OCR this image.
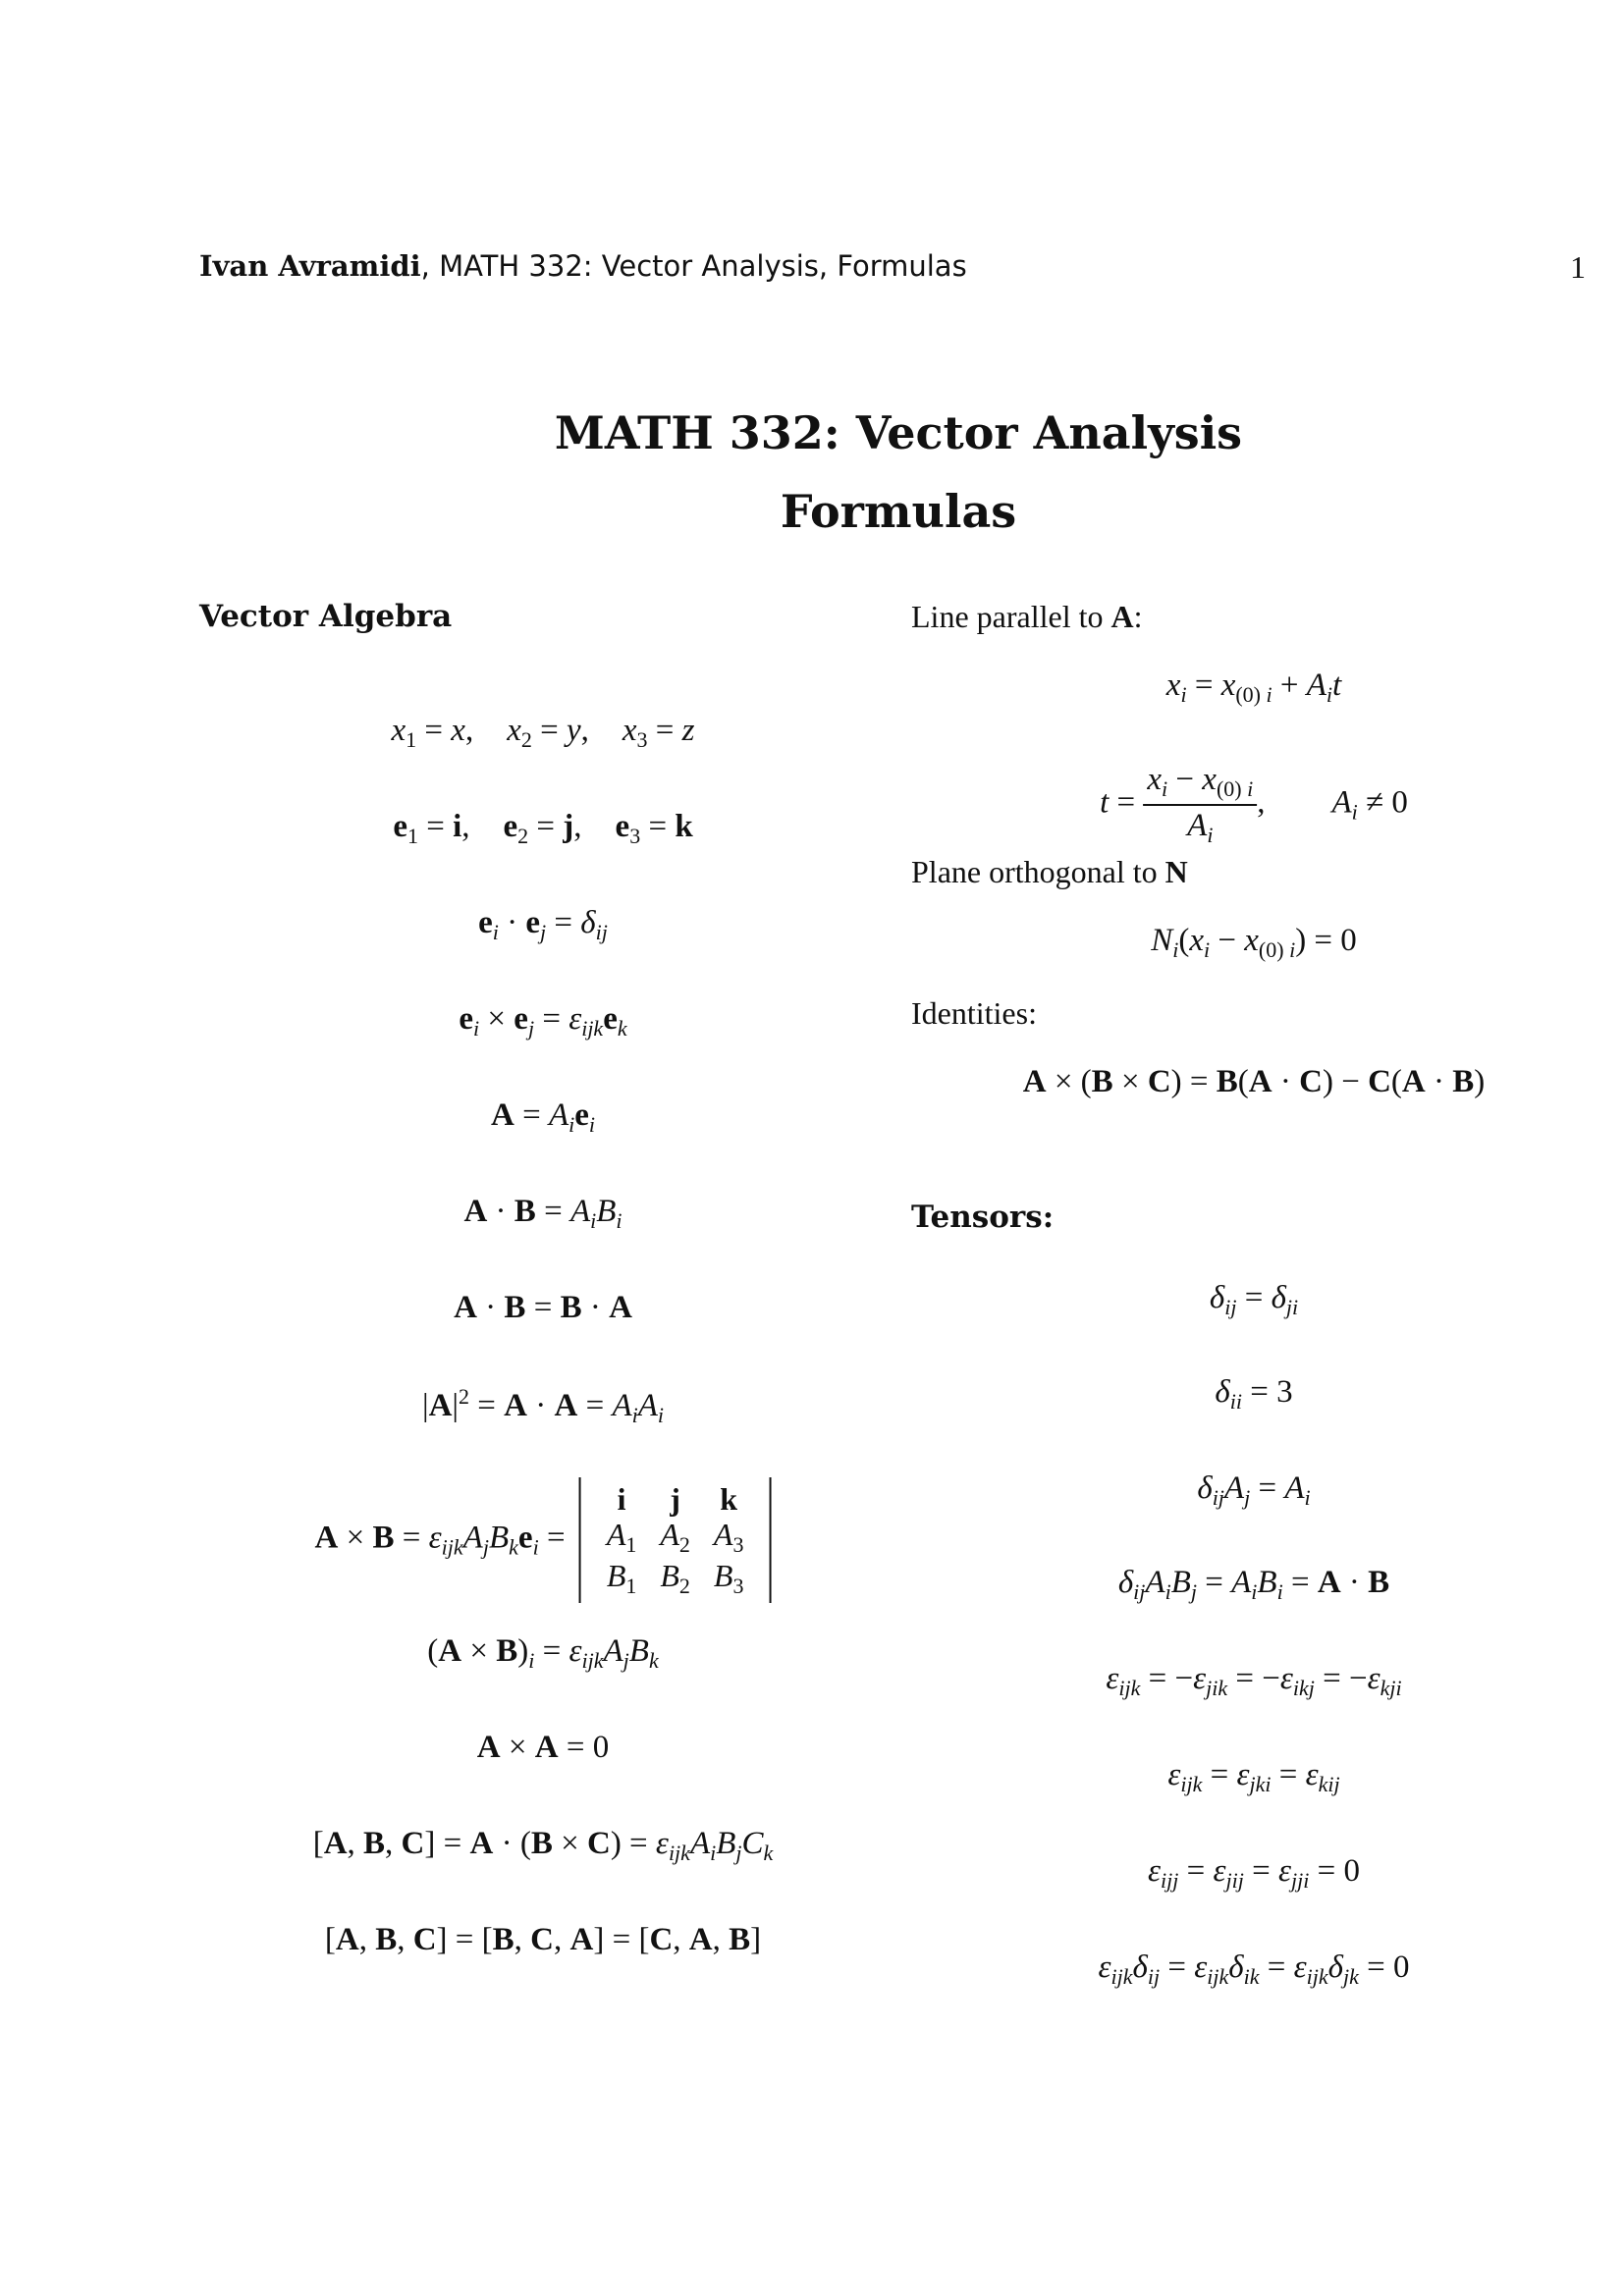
Ivan Avramidi, MATH 332: Vector Analysis, Formulas	1
MATH 332: Vector Analysis
Formulas
Vector Algebra
$x_1 = x$, $x_2 = y$, $x_3 = z$
$e_1 = i$, $e_2 = j$, $e_3 = k$
$e_i \cdot e_j = \delta_{ij}$
$e_i \times e_j = \varepsilon_{ijk}e_k$
$A = A_ie_i$
$A \cdot B = A_iB_i$
A · B = B · A
$|A|^2 = A \cdot A = A_iA_i$
$A \times B = \varepsilon_{ijk}A_jB_ke_i$ =
i	j	k
$A_1$	$A_2$	$A_3$
$B_1$	$B_2$	$B_3$
$(A \times B)_i = \varepsilon_{ijk}A_jB_k$
A × A = 0
[A, B, $C] = A \cdot (B \times C) = \varepsilon_{ijk}A_iB_jC_k$
[A, B, C] = [B, C, A] = [C, A, B]
Line parallel to A:
$x_i = x_{(0) i} + A_it$
$t = \frac{x_i - x_{(0) i}}{A_i}$ , $A_i \ne 0$
Plane orthogonal to N
$N_i(x_i - x_{(0) i}) = 0$
Identities:
A × (B × C) = B(A · C) − C(A · B)
Tensors:
$\delta_{ij} = \delta_{ji}$
$\delta_{ii} = 3$
$\delta_{ij}A_j = A_i$
$\delta_{ij}A_iB_j = A_iB_i = A \cdot B$
$\varepsilon_{ijk} = -\varepsilon_{jik} = -\varepsilon_{ikj} = -\varepsilon_{kji}$
$\varepsilon_{ijk} = \varepsilon_{jki} = \varepsilon_{kij}$
$\varepsilon_{ijj} = \varepsilon_{jij} = \varepsilon_{jji} = 0$
$\varepsilon_{ijk}\delta_{ij} = \varepsilon_{ijk}\delta_{ik} = \varepsilon_{ijk}\delta_{jk} = 0$
